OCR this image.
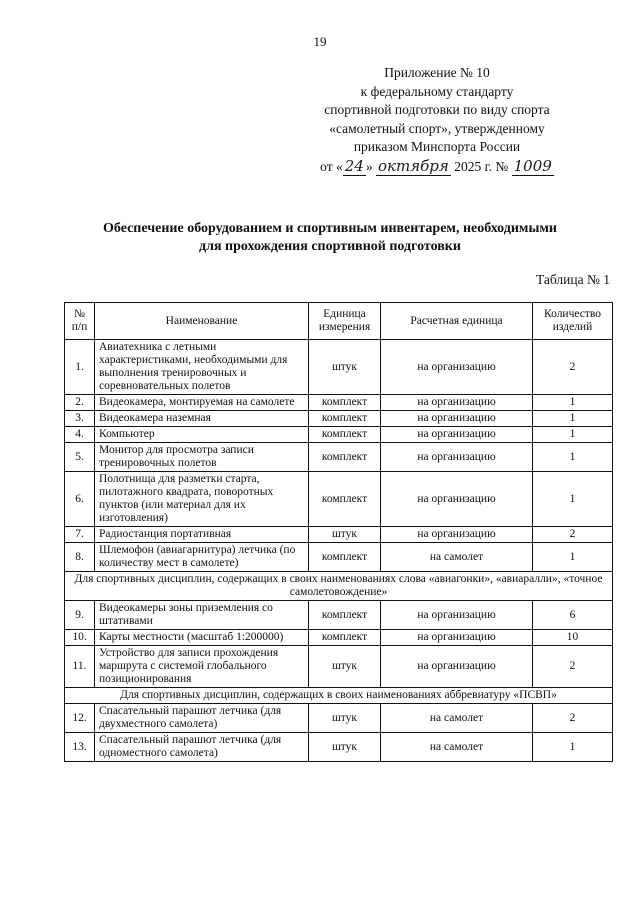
19
Приложение № 10
к федеральному стандарту
спортивной подготовки по виду спорта
«самолетный спорт», утвержденному
приказом Минспорта России
от « 24 » октября 2025 г. № 1009
Обеспечение оборудованием и спортивным инвентарем, необходимыми
для прохождения спортивной подготовки
Таблица № 1
№ п/п	Наименование	Единица измерения	Расчетная единица	Количество изделий
1.	Авиатехника с летными характеристиками, необходимыми для выполнения тренировочных и соревновательных полетов	штук	на организацию	2
2.	Видеокамера, монтируемая на самолете	комплект	на организацию	1
3.	Видеокамера наземная	комплект	на организацию	1
4.	Компьютер	комплект	на организацию	1
5.	Монитор для просмотра записи тренировочных полетов	комплект	на организацию	1
6.	Полотнища для разметки старта, пилотажного квадрата, поворотных пунктов (или материал для их изготовления)	комплект	на организацию	1
7.	Радиостанция портативная	штук	на организацию	2
8.	Шлемофон (авиагарнитура) летчика (по количеству мест в самолете)	комплект	на самолет	1
Для спортивных дисциплин, содержащих в своих наименованиях слова «авиагонки», «авиаралли», «точное самолетовождение»				
9.	Видеокамеры зоны приземления со штативами	комплект	на организацию	6
10.	Карты местности (масштаб 1:200000)	комплект	на организацию	10
11.	Устройство для записи прохождения маршрута с системой глобального позиционирования	штук	на организацию	2
Для спортивных дисциплин, содержащих в своих наименованиях аббревиатуру «ПСВП»				
12.	Спасательный парашют летчика (для двухместного самолета)	штук	на самолет	2
13.	Спасательный парашют летчика (для одноместного самолета)	штук	на самолет	1
